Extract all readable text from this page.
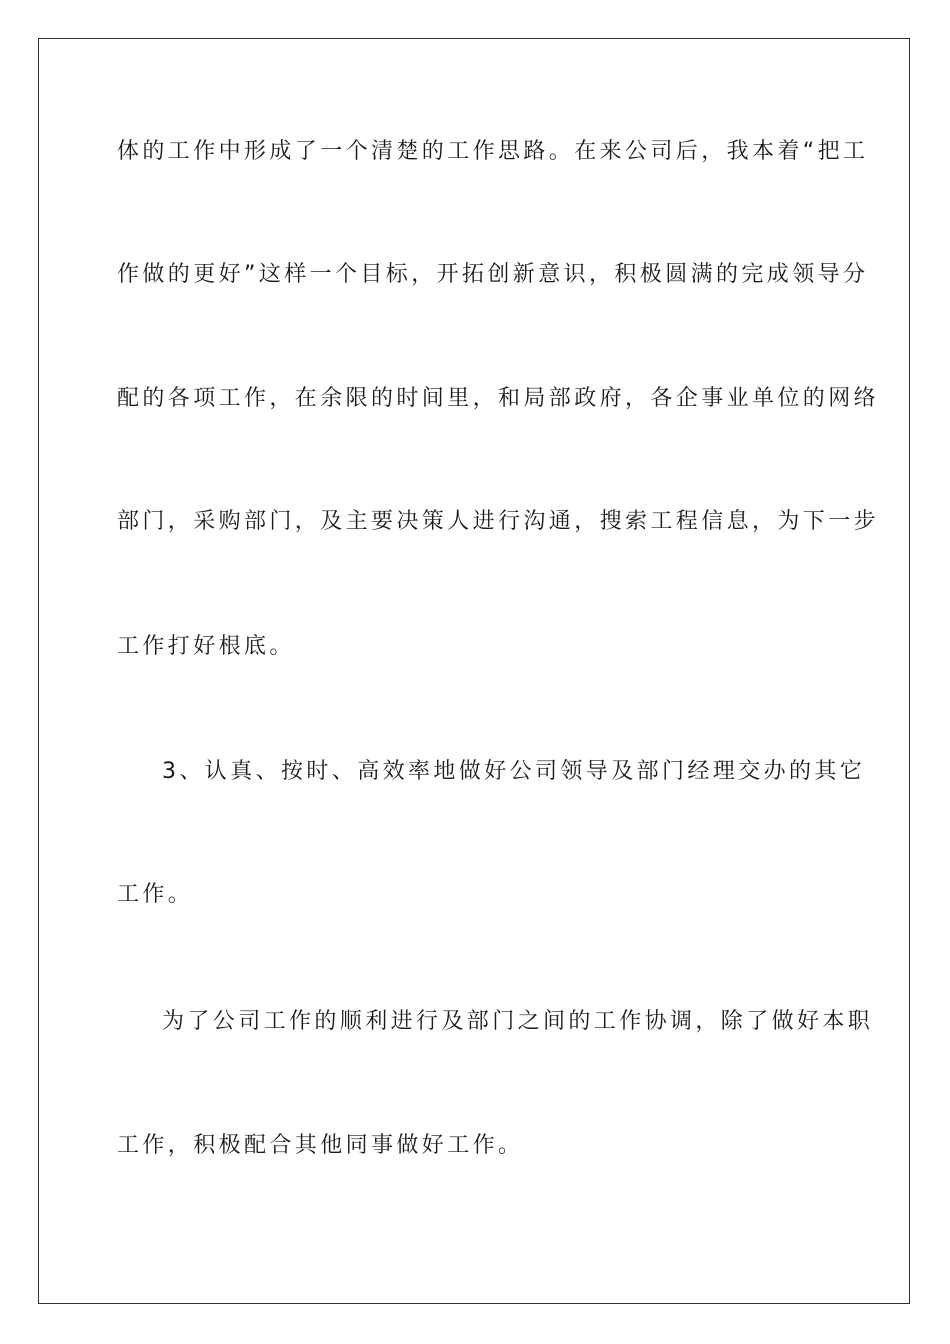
体的工作中形成了一个清楚的工作思路。在来公司后，我本着“把工
作做的更好”这样一个目标，开拓创新意识，积极圆满的完成领导分
配的各项工作，在余限的时间里，和局部政府，各企事业单位的网络
部门，采购部门，及主要决策人进行沟通，搜索工程信息，为下一步
工作打好根底。
3、认真、按时、高效率地做好公司领导及部门经理交办的其它
工作。
为了公司工作的顺利进行及部门之间的工作协调，除了做好本职
工作，积极配合其他同事做好工作。
